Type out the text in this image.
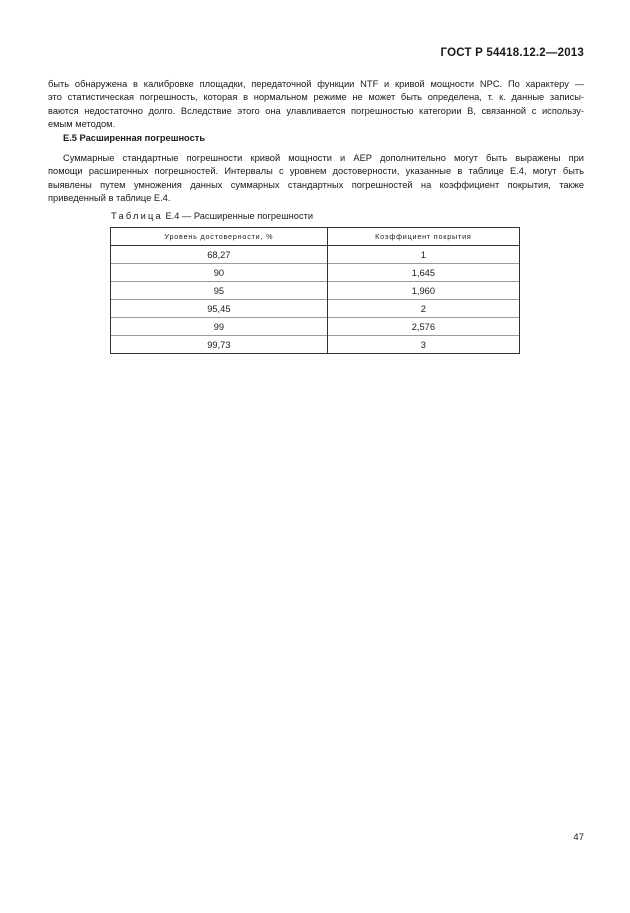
ГОСТ Р 54418.12.2—2013
быть обнаружена в калибровке площадки, передаточной функции NTF и кривой мощности NPC. По характеру —
это статистическая погрешность, которая в нормальном режиме не может быть определена, т. к. данные записы-
ваются недостаточно долго. Вследствие этого она улавливается погрешностью категории В, связанной с использу-
емым методом.
Е.5 Расширенная погрешность
Суммарные стандартные погрешности кривой мощности и AEP дополнительно могут быть выражены при
помощи расширенных погрешностей. Интервалы с уровнем достоверности, указанные в таблице Е.4, могут быть
выявлены путем умножения данных суммарных стандартных погрешностей на коэффициент покрытия, также
приведенный в таблице Е.4.
Таблица Е.4 — Расширенные погрешности
Уровень достоверности, %	Коэффициент покрытия
68,27	1
90	1,645
95	1,960
95,45	2
99	2,576
99,73	3
47
